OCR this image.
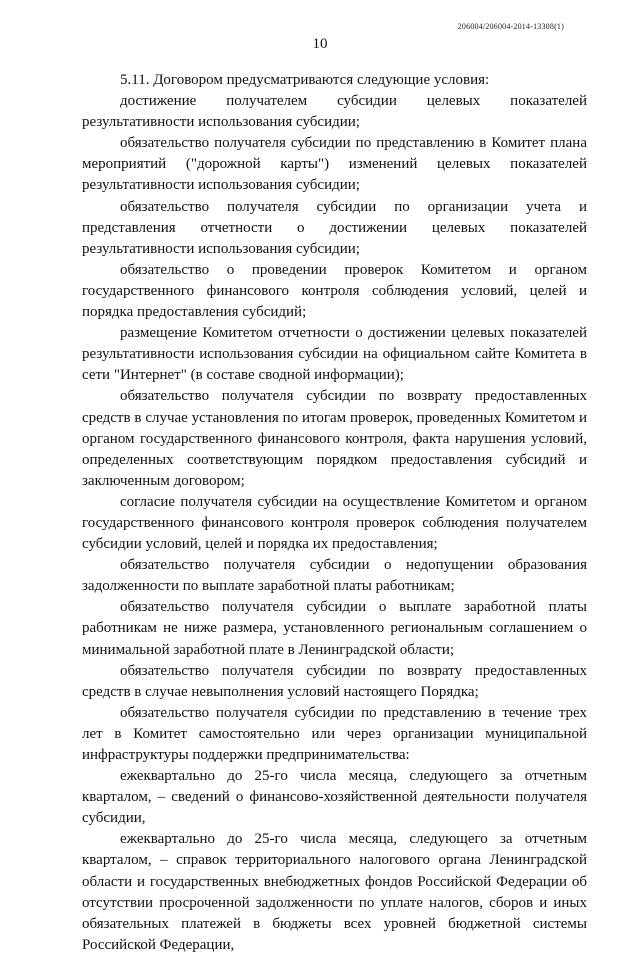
206004/206004-2014-13308(1)
10

5.11. Договором предусматриваются следующие условия:

достижение получателем субсидии целевых показателей результативности использования субсидии;

обязательство получателя субсидии по представлению в Комитет плана мероприятий ("дорожной карты") изменений целевых показателей результативности использования субсидии;

обязательство получателя субсидии по организации учета и представления отчетности о достижении целевых показателей результативности использования субсидии;

обязательство о проведении проверок Комитетом и органом государственного финансового контроля соблюдения условий, целей и порядка предоставления субсидий;

размещение Комитетом отчетности о достижении целевых показателей результативности использования субсидии на официальном сайте Комитета в сети "Интернет" (в составе сводной информации);

обязательство получателя субсидии по возврату предоставленных средств в случае установления по итогам проверок, проведенных Комитетом и органом государственного финансового контроля, факта нарушения условий, определенных соответствующим порядком предоставления субсидий и заключенным договором;

согласие получателя субсидии на осуществление Комитетом и органом государственного финансового контроля проверок соблюдения получателем субсидии условий, целей и порядка их предоставления;

обязательство получателя субсидии о недопущении образования задолженности по выплате заработной платы работникам;

обязательство получателя субсидии о выплате заработной платы работникам не ниже размера, установленного региональным соглашением о минимальной заработной плате в Ленинградской области;

обязательство получателя субсидии по возврату предоставленных средств в случае невыполнения условий настоящего Порядка;

обязательство получателя субсидии по представлению в течение трех лет в Комитет самостоятельно или через организации муниципальной инфраструктуры поддержки предпринимательства:

ежеквартально до 25-го числа месяца, следующего за отчетным кварталом, – сведений о финансово-хозяйственной деятельности получателя субсидии,

ежеквартально до 25-го числа месяца, следующего за отчетным кварталом, – справок территориального налогового органа Ленинградской области и государственных внебюджетных фондов Российской Федерации об отсутствии просроченной задолженности по уплате налогов, сборов и иных обязательных платежей в бюджеты всех уровней бюджетной системы Российской Федерации,
